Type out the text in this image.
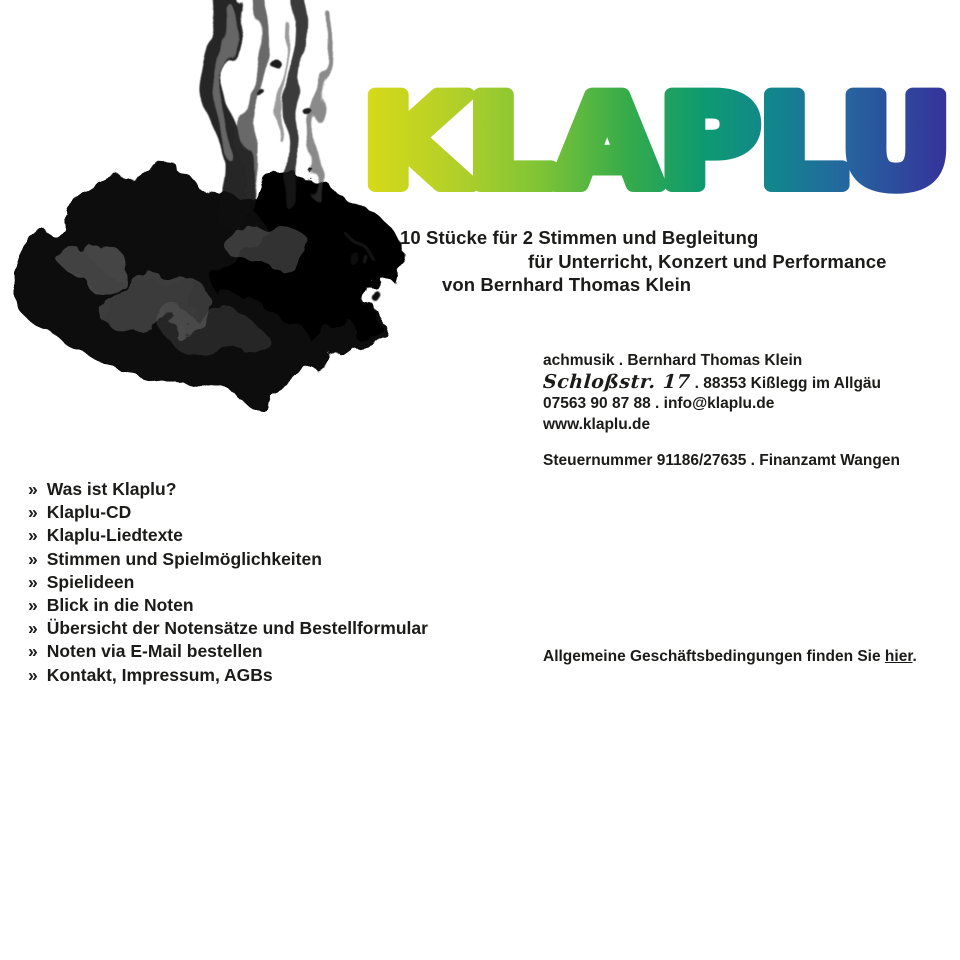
KLAPLU
10 Stücke für 2 Stimmen und Begleitung
für Unterricht, Konzert und Performance
von Bernhard Thomas Klein
achmusik . Bernhard Thomas Klein
Schloßstr. 17 . 88353 Kißlegg im Allgäu
07563 90 87 88 . info@klaplu.de
www.klaplu.de
Steuernummer 91186/27635 . Finanzamt Wangen
» Was ist Klaplu?
» Klaplu-CD
» Klaplu-Liedtexte
» Stimmen und Spielmöglichkeiten
» Spielideen
» Blick in die Noten
» Übersicht der Notensätze und Bestellformular
» Noten via E-Mail bestellen
» Kontakt, Impressum, AGBs
Allgemeine Geschäftsbedingungen finden Sie hier.
